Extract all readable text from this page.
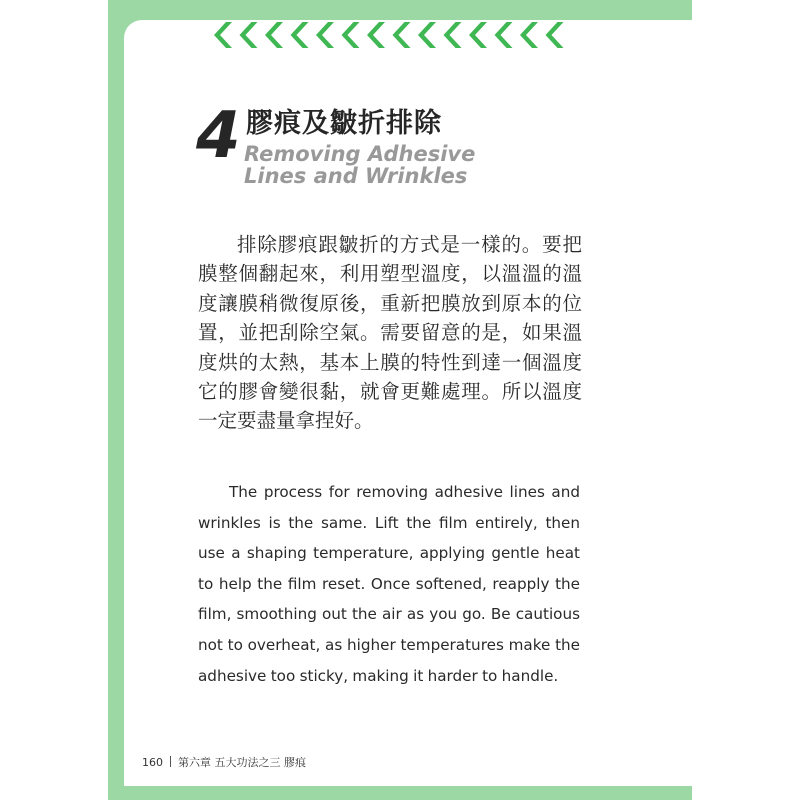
4 膠痕及皺折排除
Removing Adhesive
Lines and Wrinkles

排除膠痕跟皺折的方式是一樣的。要把膜整個翻起來，利用塑型溫度，以溫溫的溫度讓膜稍微復原後，重新把膜放到原本的位置，並把刮除空氣。需要留意的是，如果溫度烘的太熱，基本上膜的特性到達一個溫度它的膠會變很黏，就會更難處理。所以溫度一定要盡量拿捏好。

The process for removing adhesive lines and wrinkles is the same. Lift the film entirely, then use a shaping temperature, applying gentle heat to help the film reset. Once softened, reapply the film, smoothing out the air as you go. Be cautious not to overheat, as higher temperatures make the adhesive too sticky, making it harder to handle.

160 第六章 五大功法之三 膠痕
